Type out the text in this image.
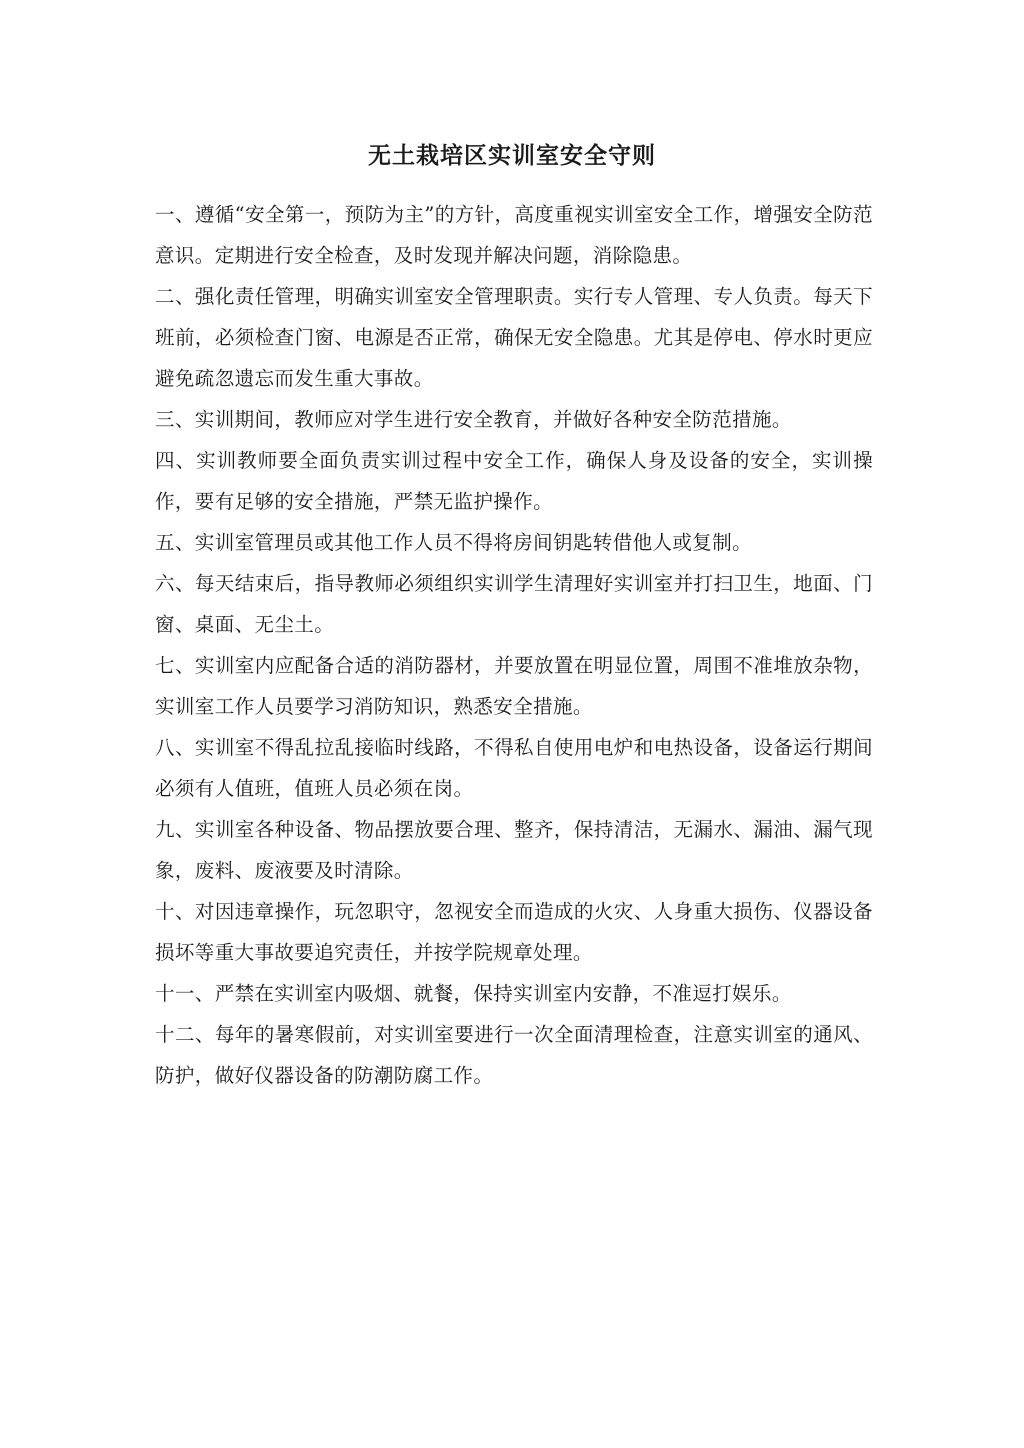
无土栽培区实训室安全守则
一、遵循“安全第一，预防为主”的方针，高度重视实训室安全工作，增强安全防范意识。定期进行安全检查，及时发现并解决问题，消除隐患。
二、强化责任管理，明确实训室安全管理职责。实行专人管理、专人负责。每天下班前，必须检查门窗、电源是否正常，确保无安全隐患。尤其是停电、停水时更应避免疏忽遗忘而发生重大事故。
三、实训期间，教师应对学生进行安全教育，并做好各种安全防范措施。
四、实训教师要全面负责实训过程中安全工作，确保人身及设备的安全，实训操作，要有足够的安全措施，严禁无监护操作。
五、实训室管理员或其他工作人员不得将房间钥匙转借他人或复制。
六、每天结束后，指导教师必须组织实训学生清理好实训室并打扫卫生，地面、门窗、桌面、无尘土。
七、实训室内应配备合适的消防器材，并要放置在明显位置，周围不准堆放杂物，实训室工作人员要学习消防知识，熟悉安全措施。
八、实训室不得乱拉乱接临时线路，不得私自使用电炉和电热设备，设备运行期间必须有人值班，值班人员必须在岗。
九、实训室各种设备、物品摆放要合理、整齐，保持清洁，无漏水、漏油、漏气现象，废料、废液要及时清除。
十、对因违章操作，玩忽职守，忽视安全而造成的火灾、人身重大损伤、仪器设备损坏等重大事故要追究责任，并按学院规章处理。
十一、严禁在实训室内吸烟、就餐，保持实训室内安静，不准逗打娱乐。
十二、每年的暑寒假前，对实训室要进行一次全面清理检查，注意实训室的通风、防护，做好仪器设备的防潮防腐工作。
